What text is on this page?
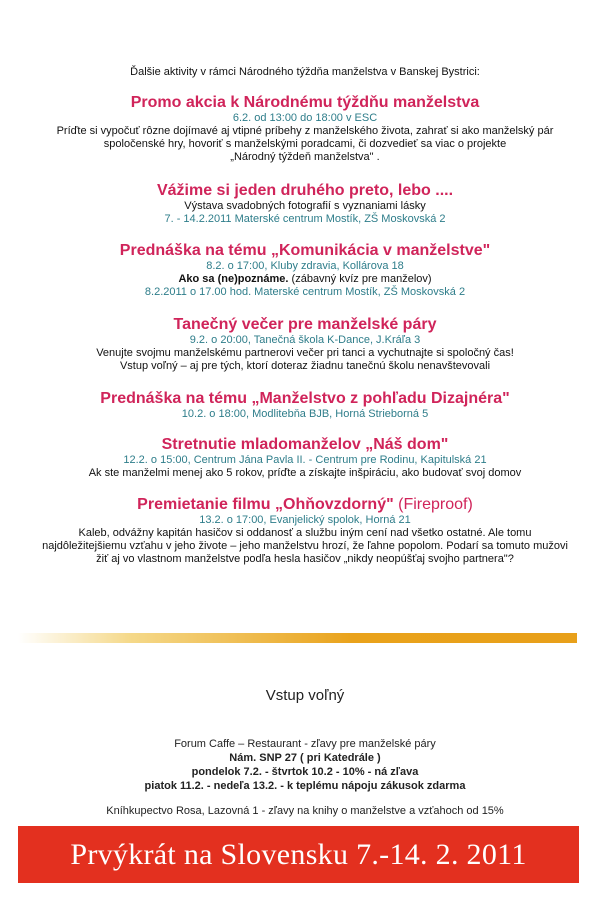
Ďalšie aktivity v rámci Národného týždňa manželstva v Banskej Bystrici:
Promo akcia k Národnému týždňu manželstva
6.2. od 13:00 do 18:00 v ESC
Príďte si vypočuť rôzne dojímavé aj vtipné príbehy z manželského života, zahrať si ako manželský pár
spoločenské hry, hovoriť s manželskými poradcami, či dozvedieť sa viac o projekte
„Národný týždeň manželstva" .
Vážime si jeden druhého preto, lebo ....
Výstava svadobných fotografií s vyznaniami lásky
7. - 14.2.2011 Materské centrum Mostík, ZŠ Moskovská 2
Prednáška na tému „Komunikácia v manželstve"
8.2. o 17:00, Kluby zdravia, Kollárova 18
Ako sa (ne)poznáme. (zábavný kvíz pre manželov)
8.2.2011 o 17.00 hod. Materské centrum Mostík, ZŠ Moskovská 2
Tanečný večer pre manželské páry
9.2. o 20:00, Tanečná škola K-Dance, J.Kráľa 3
Venujte svojmu manželskému partnerovi večer pri tanci a vychutnajte si spoločný čas!
Vstup voľný – aj pre tých, ktorí doteraz žiadnu tanečnú školu nenavštevovali
Prednáška na tému „Manželstvo z pohľadu Dizajnéra"
10.2. o 18:00, Modlitebňa BJB, Horná Strieborná 5
Stretnutie mladomanželov „Náš dom"
12.2. o 15:00, Centrum Jána Pavla II. - Centrum pre Rodinu, Kapitulská 21
Ak ste manželmi menej ako 5 rokov, príďte a získajte inšpiráciu, ako budovať svoj domov
Premietanie filmu „Ohňovzdorný" (Fireproof)
13.2. o 17:00, Evanjelický spolok, Horná 21
Kaleb, odvážny kapitán hasičov si oddanosť a službu iným cení nad všetko ostatné. Ale tomu
najdôležitejšiemu vzťahu v jeho živote – jeho manželstvu hrozí, že ľahne popolom. Podarí sa tomuto mužovi
žiť aj vo vlastnom manželstve podľa hesla hasičov „nikdy neopúšťaj svojho partnera"?
Vstup voľný
Forum Caffe – Restaurant - zľavy pre manželské páry
Nám. SNP 27 ( pri Katedrále )
pondelok 7.2. - štvrtok 10.2 - 10% - ná zľava
piatok 11.2. - nedeľa 13.2. - k teplému nápoju zákusok zdarma
Kníhkupectvo Rosa, Lazovná 1 - zľavy na knihy o manželstve a vzťahoch od 15%
Prvýkrát na Slovensku 7.-14. 2. 2011
